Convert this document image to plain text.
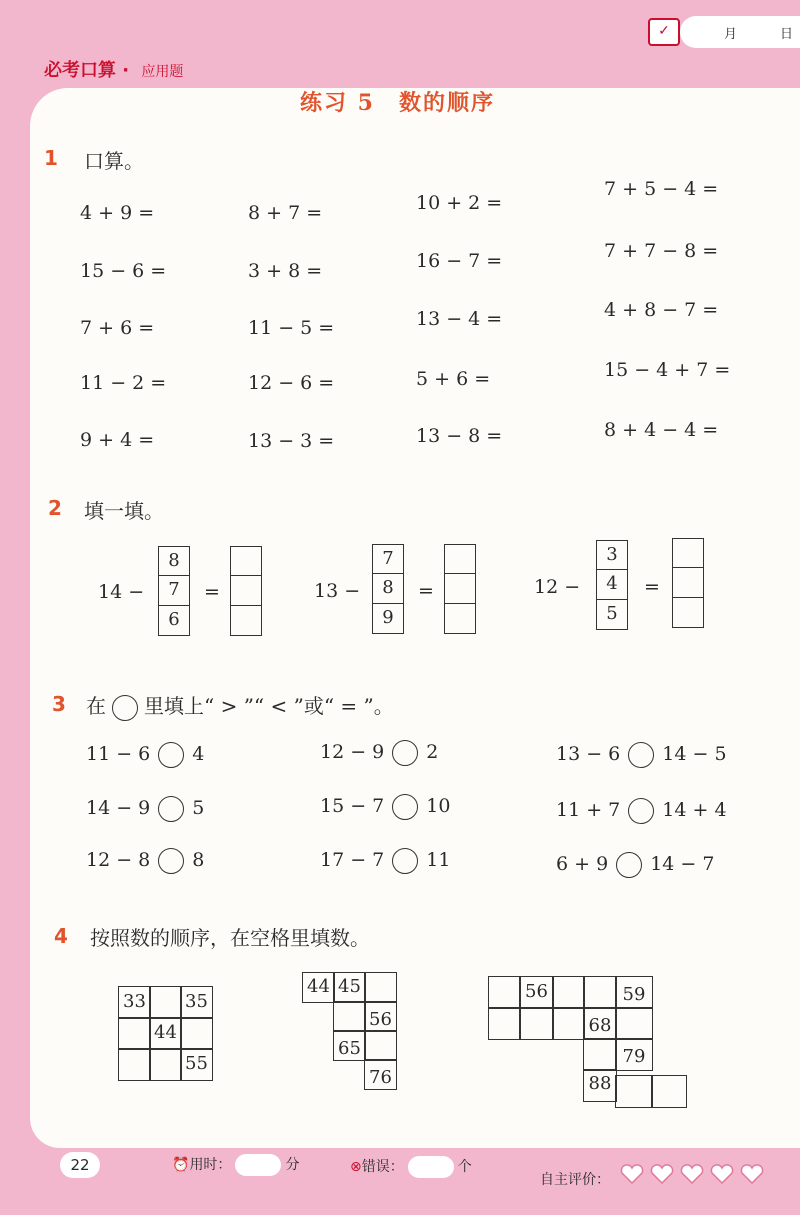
必考口算 · 应用题
✓	月	日
练习 5　数的顺序
1 口算。
4 + 9 =
15 − 6 =
7 + 6 =
11 − 2 =
9 + 4 =
8 + 7 =
3 + 8 =
11 − 5 =
12 − 6 =
13 − 3 =
10 + 2 =
16 − 7 =
13 − 4 =
5 + 6 =
13 − 8 =
7 + 5 − 4 =
7 + 7 − 8 =
4 + 8 − 7 =
15 − 4 + 7 =
8 + 4 − 4 =
2 填一填。
14 −
8
7
6
=	13 −
7
8
9
=	12 −
3
4
5
=
3 在 里填上“ > ”“ < ”或“ = ”。
11 − 6 4	12 − 9 2	13 − 6 14 − 5
14 − 9 5	15 − 7 10	11 + 7 14 + 4
12 − 8 8	17 − 7 11	6 + 9 14 − 7
4 按照数的顺序，在空格里填数。
33 35
44
55
44 45
56
65
76
56	59
68
79
88
22	⏰用时：	分	⊗错误：	个
自主评价：
